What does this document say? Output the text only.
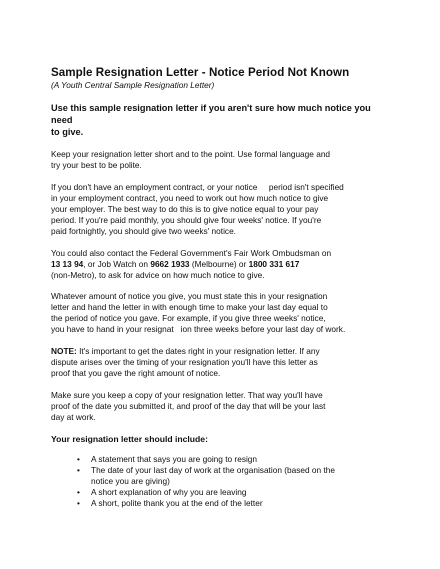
Sample Resignation Letter - Notice Period Not Known
(A Youth Central Sample Resignation Letter)
Use this sample resignation letter if you aren't sure how much notice you need
to give.

Keep your resignation letter short and to the point. Use formal language and
try your best to be polite.

If you don't have an employment contract, or your notice     period isn't specified
in your employment contract, you need to work out how much notice to give
your employer. The best way to do this is to give notice equal to your pay
period. If you're paid monthly, you should give four weeks' notice. If you're
paid fortnightly, you should give two weeks' notice.

You could also contact the Federal Government's Fair Work Ombudsman on
13 13 94, or Job Watch on 9662 1933 (Melbourne) or 1800 331 617
(non-Metro), to ask for advice on how much notice to give.

Whatever amount of notice you give, you must state this in your resignation
letter and hand the letter in with enough time to make your last day equal to
the period of notice you gave. For example, if you give three weeks' notice,
you have to hand in your resignat   ion three weeks before your last day of work.

NOTE: It's important to get the dates right in your resignation letter. If any
dispute arises over the timing of your resignation you'll have this letter as
proof that you gave the right amount of notice.

Make sure you keep a copy of your resignation letter. That way you'll have
proof of the date you submitted it, and proof of the day that will be your last
day at work.

Your resignation letter should include:
• A statement that says you are going to resign
• The date of your last day of work at the organisation (based on the
notice you are giving)
• A short explanation of why you are leaving
• A short, polite thank you at the end of the letter
